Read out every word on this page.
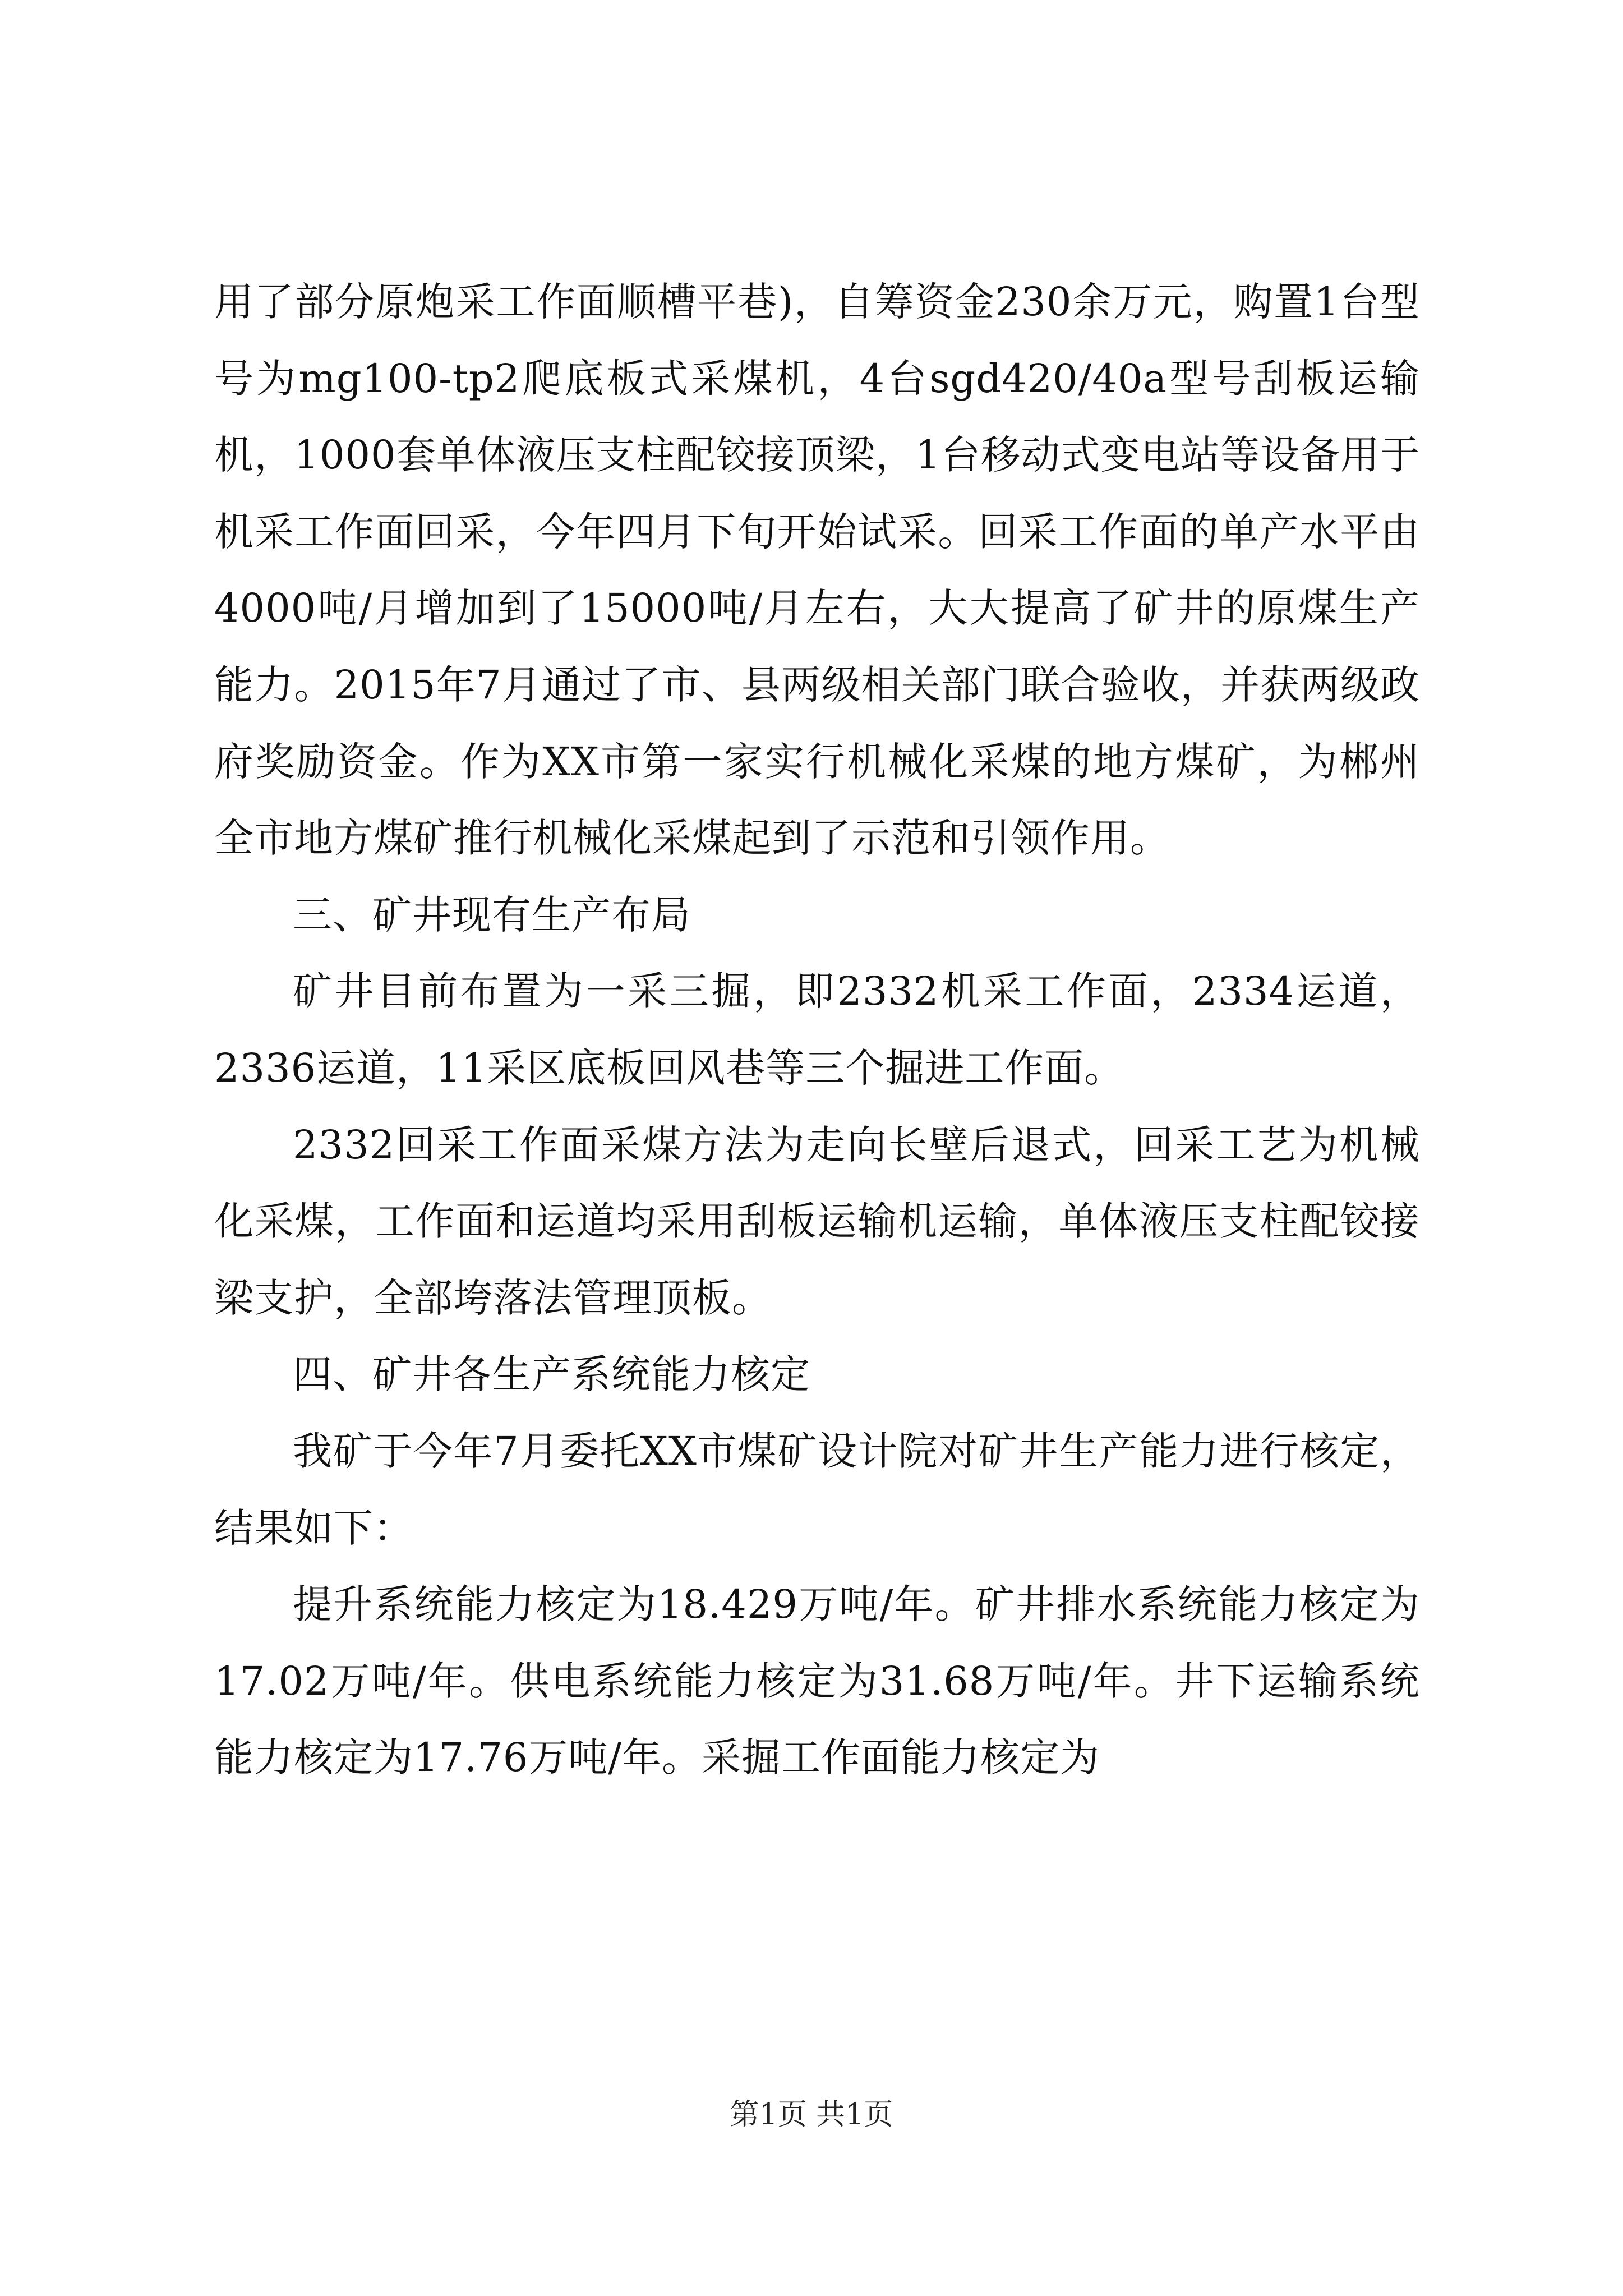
用了部分原炮采工作面顺槽平巷)，自筹资金230余万元，购置1台型号为mg100-tp2爬底板式采煤机，4台sgd420/40a型号刮板运输机，1000套单体液压支柱配铰接顶梁，1台移动式变电站等设备用于机采工作面回采，今年四月下旬开始试采。回采工作面的单产水平由4000吨/月增加到了15000吨/月左右，大大提高了矿井的原煤生产能力。2015年7月通过了市、县两级相关部门联合验收，并获两级政府奖励资金。作为XX市第一家实行机械化采煤的地方煤矿，为郴州全市地方煤矿推行机械化采煤起到了示范和引领作用。

三、矿井现有生产布局

矿井目前布置为一采三掘，即2332机采工作面，2334运道，2336运道，11采区底板回风巷等三个掘进工作面。

2332回采工作面采煤方法为走向长壁后退式，回采工艺为机械化采煤，工作面和运道均采用刮板运输机运输，单体液压支柱配铰接梁支护，全部垮落法管理顶板。

四、矿井各生产系统能力核定

我矿于今年7月委托XX市煤矿设计院对矿井生产能力进行核定，结果如下：

提升系统能力核定为18.429万吨/年。矿井排水系统能力核定为17.02万吨/年。供电系统能力核定为31.68万吨/年。井下运输系统能力核定为17.76万吨/年。采掘工作面能力核定为

第1页 共1页
